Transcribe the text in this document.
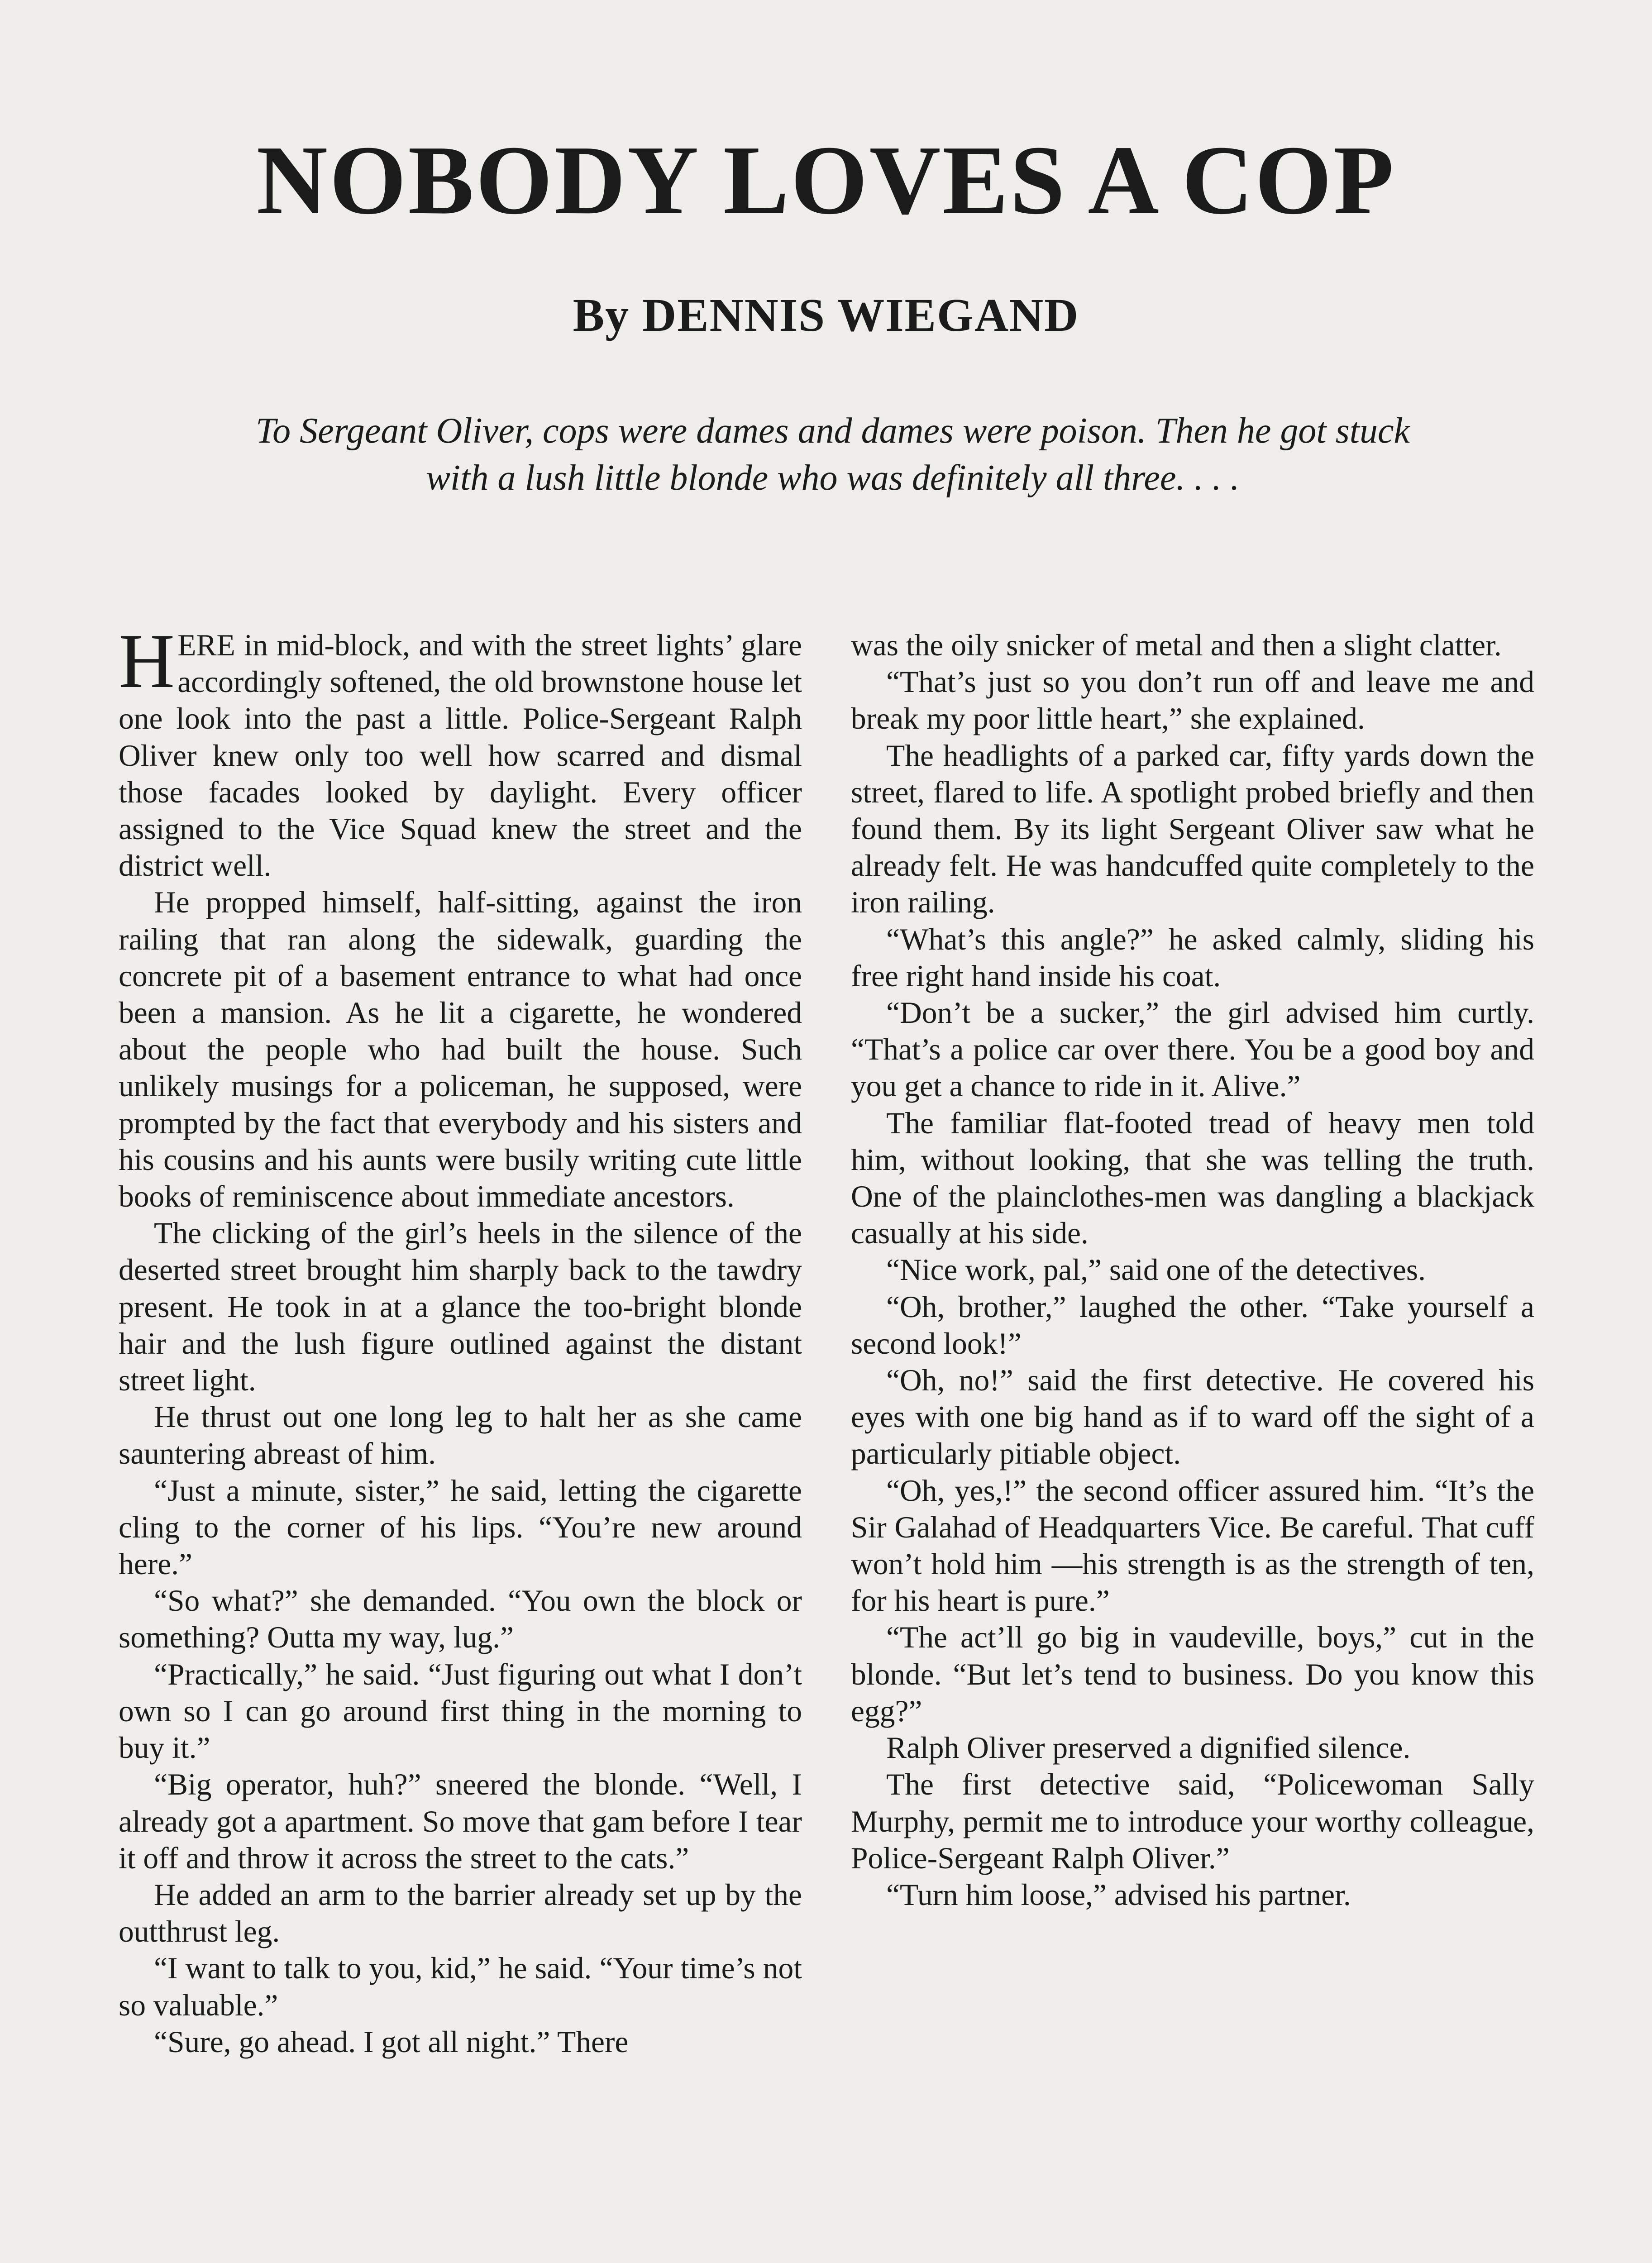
NOBODY LOVES A COP
By DENNIS WIEGAND

To Sergeant Oliver, cops were dames and dames were poison. Then he got stuck with a lush little blonde who was definitely all three. . . .

HERE in mid-block, and with the street lights’ glare accordingly softened, the old brownstone house let one look into the past a little. Police-Sergeant Ralph Oliver knew only too well how scarred and dismal those facades looked by daylight. Every officer assigned to the Vice Squad knew the street and the district well.

He propped himself, half-sitting, against the iron railing that ran along the sidewalk, guarding the concrete pit of a basement entrance to what had once been a mansion. As he lit a cigarette, he wondered about the people who had built the house. Such unlikely musings for a policeman, he supposed, were prompted by the fact that everybody and his sisters and his cousins and his aunts were busily writing cute little books of reminiscence about immediate ancestors.

The clicking of the girl’s heels in the silence of the deserted street brought him sharply back to the tawdry present. He took in at a glance the too-bright blonde hair and the lush figure outlined against the distant street light.

He thrust out one long leg to halt her as she came sauntering abreast of him.

“Just a minute, sister,” he said, letting the cigarette cling to the corner of his lips. “You’re new around here.”

“So what?” she demanded. “You own the block or something? Outta my way, lug.”

“Practically,” he said. “Just figuring out what I don’t own so I can go around first thing in the morning to buy it.”

“Big operator, huh?” sneered the blonde. “Well, I already got a apartment. So move that gam before I tear it off and throw it across the street to the cats.”

He added an arm to the barrier already set up by the outthrust leg.

“I want to talk to you, kid,” he said. “Your time’s not so valuable.”

“Sure, go ahead. I got all night.” There

was the oily snicker of metal and then a slight clatter.

“That’s just so you don’t run off and leave me and break my poor little heart,” she explained.

The headlights of a parked car, fifty yards down the street, flared to life. A spotlight probed briefly and then found them. By its light Sergeant Oliver saw what he already felt. He was handcuffed quite completely to the iron railing.

“What’s this angle?” he asked calmly, sliding his free right hand inside his coat.

“Don’t be a sucker,” the girl advised him curtly. “That’s a police car over there. You be a good boy and you get a chance to ride in it. Alive.”

The familiar flat-footed tread of heavy men told him, without looking, that she was telling the truth. One of the plainclothes-men was dangling a blackjack casually at his side.

“Nice work, pal,” said one of the detectives.

“Oh, brother,” laughed the other. “Take yourself a second look!”

“Oh, no!” said the first detective. He covered his eyes with one big hand as if to ward off the sight of a particularly pitiable object.

“Oh, yes,!” the second officer assured him. “It’s the Sir Galahad of Headquarters Vice. Be careful. That cuff won’t hold him —his strength is as the strength of ten, for his heart is pure.”

“The act’ll go big in vaudeville, boys,” cut in the blonde. “But let’s tend to business. Do you know this egg?”

Ralph Oliver preserved a dignified silence.

The first detective said, “Policewoman Sally Murphy, permit me to introduce your worthy colleague, Police-Sergeant Ralph Oliver.”

“Turn him loose,” advised his partner.
